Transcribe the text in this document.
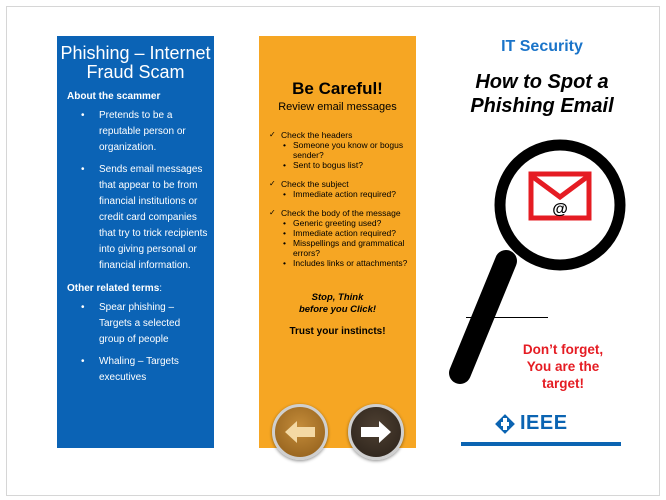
Phishing – Internet Fraud Scam
About the scammer
• Pretends to be a reputable person or organization.
• Sends email messages that appear to be from financial institutions or credit card companies that try to trick recipients into giving personal or financial information.
Other related terms:
• Spear phishing – Targets a selected group of people
• Whaling – Targets executives
Be Careful!
Review email messages
✓ Check the headers
• Someone you know or bogus sender?
• Sent to bogus list?
✓ Check the subject
• Immediate action required?
✓ Check the body of the message
• Generic greeting used?
• Immediate action required?
• Misspellings and grammatical errors?
• Includes links or attachments?
Stop, Think
before you Click!
Trust your instincts!
IT Security
How to Spot a
Phishing Email
@
Don’t forget,
You are the
target!
IEEE
